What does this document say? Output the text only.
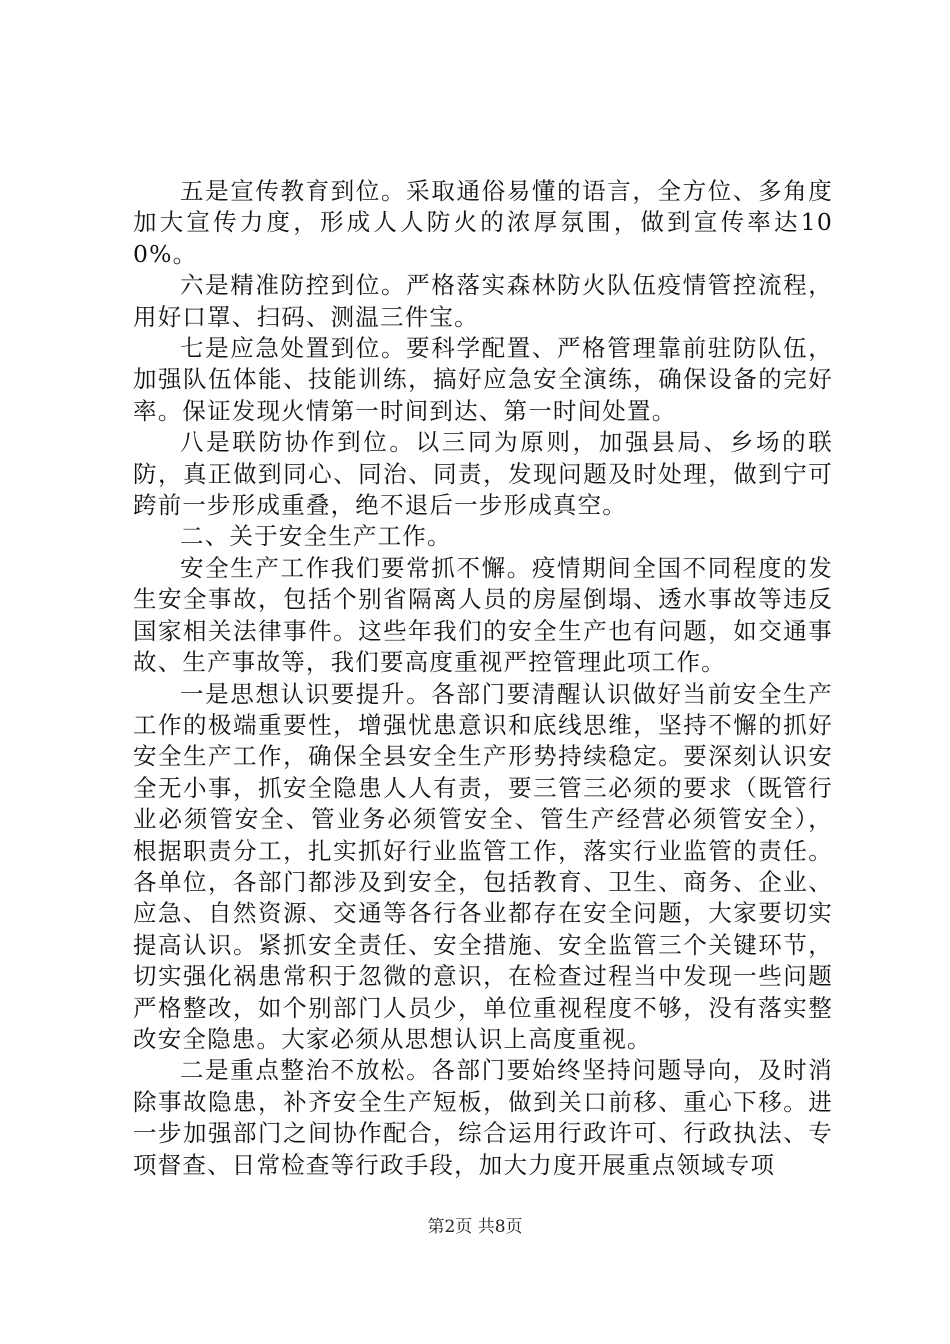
五是宣传教育到位。采取通俗易懂的语言，全方位、多角度加大宣传力度，形成人人防火的浓厚氛围，做到宣传率达100%。

六是精准防控到位。严格落实森林防火队伍疫情管控流程，用好口罩、扫码、测温三件宝。

七是应急处置到位。要科学配置、严格管理靠前驻防队伍，加强队伍体能、技能训练，搞好应急安全演练，确保设备的完好率。保证发现火情第一时间到达、第一时间处置。

八是联防协作到位。以三同为原则，加强县局、乡场的联防，真正做到同心、同治、同责，发现问题及时处理，做到宁可跨前一步形成重叠，绝不退后一步形成真空。

二、关于安全生产工作。

安全生产工作我们要常抓不懈。疫情期间全国不同程度的发生安全事故，包括个别省隔离人员的房屋倒塌、透水事故等违反国家相关法律事件。这些年我们的安全生产也有问题，如交通事故、生产事故等，我们要高度重视严控管理此项工作。

一是思想认识要提升。各部门要清醒认识做好当前安全生产工作的极端重要性，增强忧患意识和底线思维，坚持不懈的抓好安全生产工作，确保全县安全生产形势持续稳定。要深刻认识安全无小事，抓安全隐患人人有责，要三管三必须的要求（既管行业必须管安全、管业务必须管安全、管生产经营必须管安全），根据职责分工，扎实抓好行业监管工作，落实行业监管的责任。各单位，各部门都涉及到安全，包括教育、卫生、商务、企业、应急、自然资源、交通等各行各业都存在安全问题，大家要切实提高认识。紧抓安全责任、安全措施、安全监管三个关键环节，切实强化祸患常积于忽微的意识，在检查过程当中发现一些问题严格整改，如个别部门人员少，单位重视程度不够，没有落实整改安全隐患。大家必须从思想认识上高度重视。

二是重点整治不放松。各部门要始终坚持问题导向，及时消除事故隐患，补齐安全生产短板，做到关口前移、重心下移。进一步加强部门之间协作配合，综合运用行政许可、行政执法、专项督查、日常检查等行政手段，加大力度开展重点领域专项

第2页 共8页
